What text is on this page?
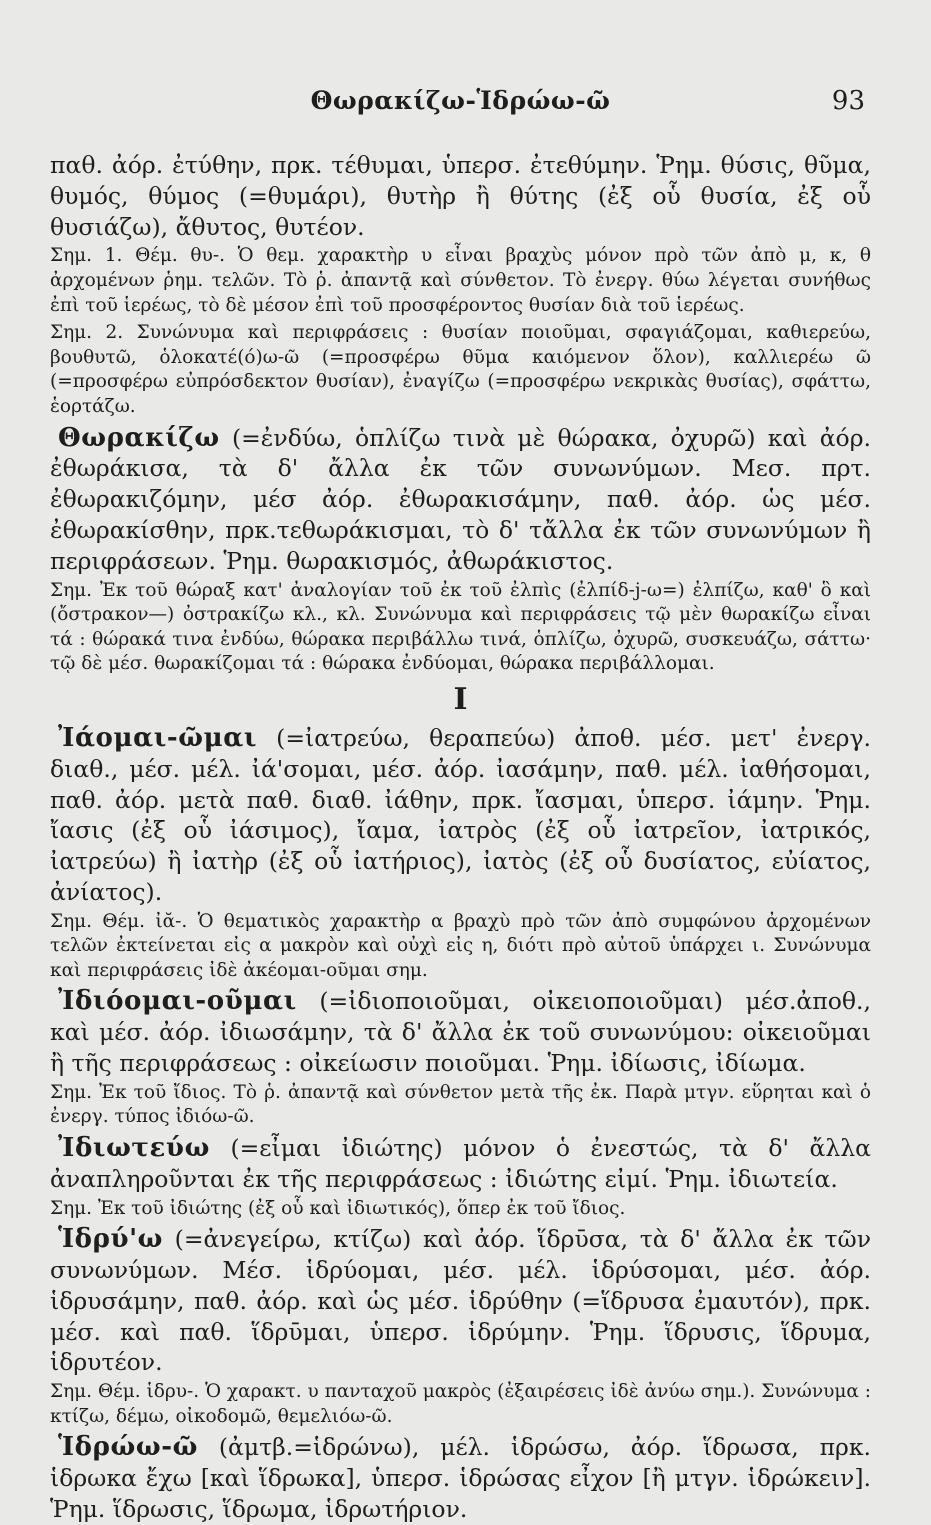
Θωρακίζω-Ἱδρώω-ῶ	93

παθ. ἀόρ. ἐτύθην, πρκ. τέθυμαι, ὑπερσ. ἐτεθύμην. Ῥημ. θύσις, θῦμα, θυμός, θύμος (=θυμάρι), θυτὴρ ἢ θύτης (ἐξ οὗ θυσία, ἐξ οὗ θυσιάζω), ἄθυτος, θυτέον.

Σημ. 1. Θέμ. θυ-. Ὁ θεμ. χαρακτὴρ υ εἶναι βραχὺς μόνον πρὸ τῶν ἀπὸ μ, κ, θ ἀρχομένων ῥημ. τελῶν. Τὸ ῥ. ἀπαντᾷ καὶ σύνθετον. Τὸ ἐνεργ. θύω λέγεται συνήθως ἐπὶ τοῦ ἱερέως, τὸ δὲ μέσον ἐπὶ τοῦ προσφέροντος θυσίαν διὰ τοῦ ἱερέως.

Σημ. 2. Συνώνυμα καὶ περιφράσεις : θυσίαν ποιοῦμαι, σφαγιάζομαι, καθιερεύω, βουθυτῶ, ὁλοκατέ(ό)ω-ῶ (=προσφέρω θῦμα καιόμενον ὅλον), καλλιερέω ῶ (=προσφέρω εὐπρόσδεκτον θυσίαν), ἐναγίζω (=προσφέρω νεκρικὰς θυσίας), σφάττω, ἑορτάζω.

Θωρακίζω (=ἐνδύω, ὁπλίζω τινὰ μὲ θώρακα, ὀχυρῶ) καὶ ἀόρ. ἐθωράκισα, τὰ δ' ἄλλα ἐκ τῶν συνωνύμων. Μεσ. πρτ. ἐθωρακιζόμην, μέσ ἀόρ. ἐθωρακισάμην, παθ. ἀόρ. ὡς μέσ. ἐθωρακίσθην, πρκ.τεθωράκισμαι, τὸ δ' τἄλλα ἐκ τῶν συνωνύμων ἢ περιφράσεων. Ῥημ. θωρακισμός, ἀθωράκιστος.

Σημ. Ἐκ τοῦ θώραξ κατ' ἀναλογίαν τοῦ ἐκ τοῦ ἐλπὶς (ἐλπίδ-j-ω=) ἐλπίζω, καθ' ὃ καὶ (ὄστρακον—) ὀστρακίζω κλ., κλ. Συνώνυμα καὶ περιφράσεις τῷ μὲν θωρακίζω εἶναι τά : θώρακά τινα ἐνδύω, θώρακα περιβάλλω τινά, ὁπλίζω, ὀχυρῶ, συσκευάζω, σάττω· τῷ δὲ μέσ. θωρακίζομαι τά : θώρακα ἐνδύομαι, θώρακα περιβάλλομαι.

Ι

Ἰάομαι-ῶμαι (=ἰατρεύω, θεραπεύω) ἀποθ. μέσ. μετ' ἐνεργ. διαθ., μέσ. μέλ. ἰά'σομαι, μέσ. ἀόρ. ἰασάμην, παθ. μέλ. ἰαθήσομαι, παθ. ἀόρ. μετὰ παθ. διαθ. ἰάθην, πρκ. ἴασμαι, ὑπερσ. ἰάμην. Ῥημ. ἴασις (ἐξ οὗ ἰάσιμος), ἴαμα, ἰατρὸς (ἐξ οὗ ἰατρεῖον, ἰατρικός, ἰατρεύω) ἢ ἰατὴρ (ἐξ οὗ ἰατήριος), ἰατὸς (ἐξ οὗ δυσίατος, εὐίατος, ἀνίατος).

Σημ. Θέμ. ἰᾰ-. Ὁ θεματικὸς χαρακτὴρ α βραχὺ πρὸ τῶν ἀπὸ συμφώνου ἀρχομένων τελῶν ἐκτείνεται εἰς α μακρὸν καὶ οὐχὶ εἰς η, διότι πρὸ αὐτοῦ ὑπάρχει ι. Συνώνυμα καὶ περιφράσεις ἰδὲ ἀκέομαι-οῦμαι σημ.

Ἰδιόομαι-οῦμαι (=ἰδιοποιοῦμαι, οἰκειοποιοῦμαι) μέσ.ἀποθ., καὶ μέσ. ἀόρ. ἰδιωσάμην, τὰ δ' ἄλλα ἐκ τοῦ συνωνύμου: οἰκειοῦμαι ἢ τῆς περιφράσεως : οἰκείωσιν ποιοῦμαι. Ῥημ. ἰδίωσις, ἰδίωμα.

Σημ. Ἐκ τοῦ ἴδιος. Τὸ ῥ. ἀπαντᾷ καὶ σύνθετον μετὰ τῆς ἐκ. Παρὰ μτγν. εὕρηται καὶ ὁ ἐνεργ. τύπος ἰδιόω-ῶ.

Ἰδιωτεύω (=εἶμαι ἰδιώτης) μόνον ὁ ἐνεστώς, τὰ δ' ἄλλα ἀναπληροῦνται ἐκ τῆς περιφράσεως : ἰδιώτης εἰμί. Ῥημ. ἰδιωτεία.

Σημ. Ἐκ τοῦ ἰδιώτης (ἐξ οὗ καὶ ἰδιωτικός), ὅπερ ἐκ τοῦ ἴδιος.

Ἱδρύ'ω (=ἀνεγείρω, κτίζω) καὶ ἀόρ. ἵδρῡσα, τὰ δ' ἄλλα ἐκ τῶν συνωνύμων. Μέσ. ἱδρύομαι, μέσ. μέλ. ἱδρύσομαι, μέσ. ἀόρ. ἱδρυσάμην, παθ. ἀόρ. καὶ ὡς μέσ. ἱδρύθην (=ἵδρυσα ἐμαυτόν), πρκ. μέσ. καὶ παθ. ἵδρῡμαι, ὑπερσ. ἱδρύμην. Ῥημ. ἵδρυσις, ἵδρυμα, ἱδρυτέον.

Σημ. Θέμ. ἱδρυ-. Ὁ χαρακτ. υ πανταχοῦ μακρὸς (ἐξαιρέσεις ἰδὲ ἀνύω σημ.). Συνώνυμα : κτίζω, δέμω, οἰκοδομῶ, θεμελιόω-ῶ.

Ἱδρώω-ῶ (ἀμτβ.=ἱδρώνω), μέλ. ἱδρώσω, ἀόρ. ἵδρωσα, πρκ. ἱδρωκα ἔχω [καὶ ἵδρωκα], ὑπερσ. ἱδρώσας εἶχον [ἢ μτγν. ἱδρώκειν]. Ῥημ. ἵδρωσις, ἵδρωμα, ἱδρωτήριον.
